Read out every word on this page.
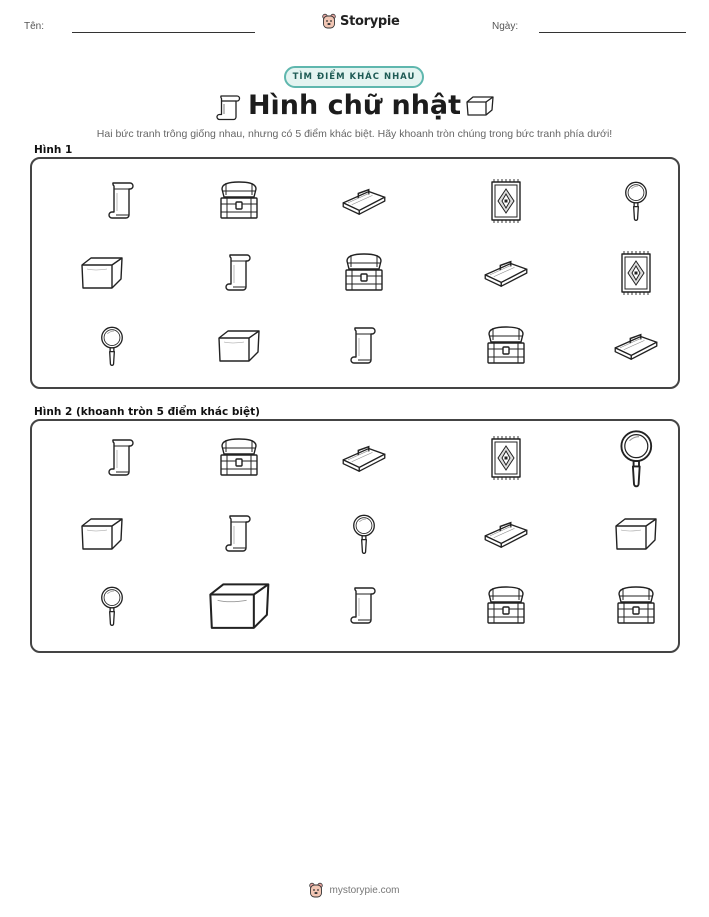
Tên:	Storypie	Ngày:
TÌM ĐIỂM KHÁC NHAU
Hình chữ nhật
Hai bức tranh trông giống nhau, nhưng có 5 điểm khác biệt. Hãy khoanh tròn chúng trong bức tranh phía dưới!
Hình 1
Hình 2 (khoanh tròn 5 điểm khác biệt)
mystorypie.com
